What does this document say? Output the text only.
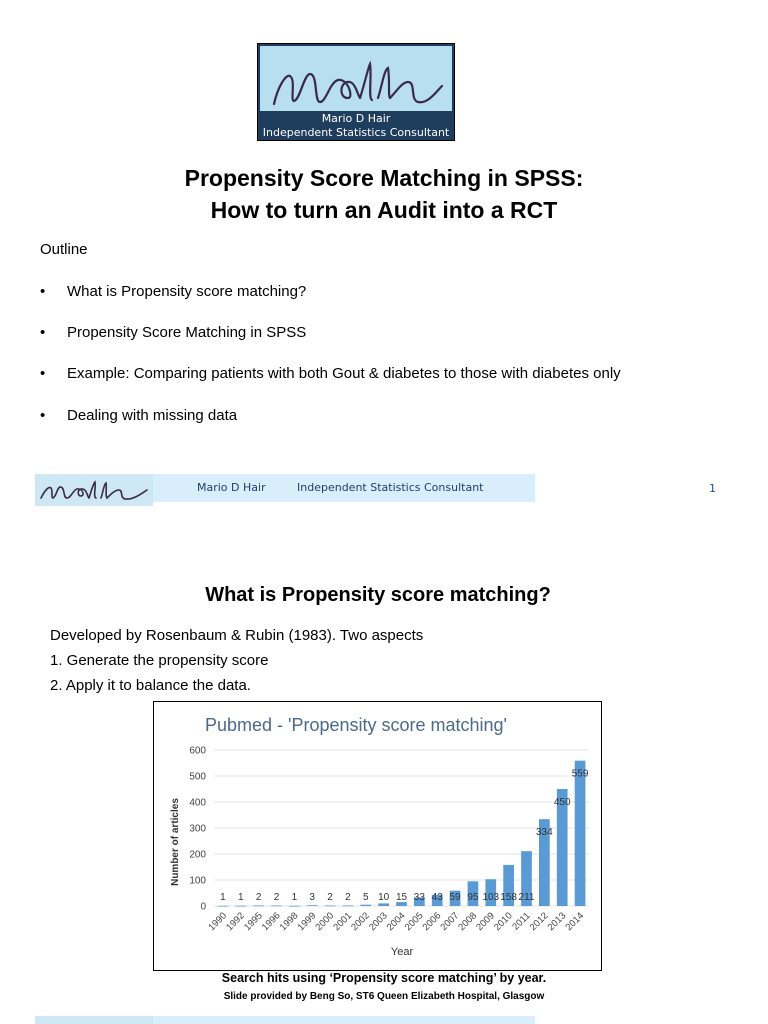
Mario D Hair
Independent Statistics Consultant
Propensity Score Matching in SPSS:
How to turn an Audit into a RCT
Outline
• What is Propensity score matching?
• Propensity Score Matching in SPSS
• Example: Comparing patients with both Gout & diabetes to those with diabetes only
• Dealing with missing data
Mario D Hair	Independent Statistics Consultant	1
What is Propensity score matching?
Developed by Rosenbaum & Rubin (1983). Two aspects
1. Generate the propensity score
2. Apply it to balance the data.
Pubmed - 'Propensity score matching'
Number of articles
Year
0
100
200
300
400
500
600
1
1990
1
1992
2
1995
2
1996
1
1998
3
1999
2
2000
2
2001
5
2002
10
2003
15
2004
33
2005
43
2006
59
2007
95
2008
103
2009
158
2010
211
2011
334
2012
450
2013
559
2014
Search hits using ‘Propensity score matching’ by year.
Slide provided by Beng So, ST6 Queen Elizabeth Hospital, Glasgow
